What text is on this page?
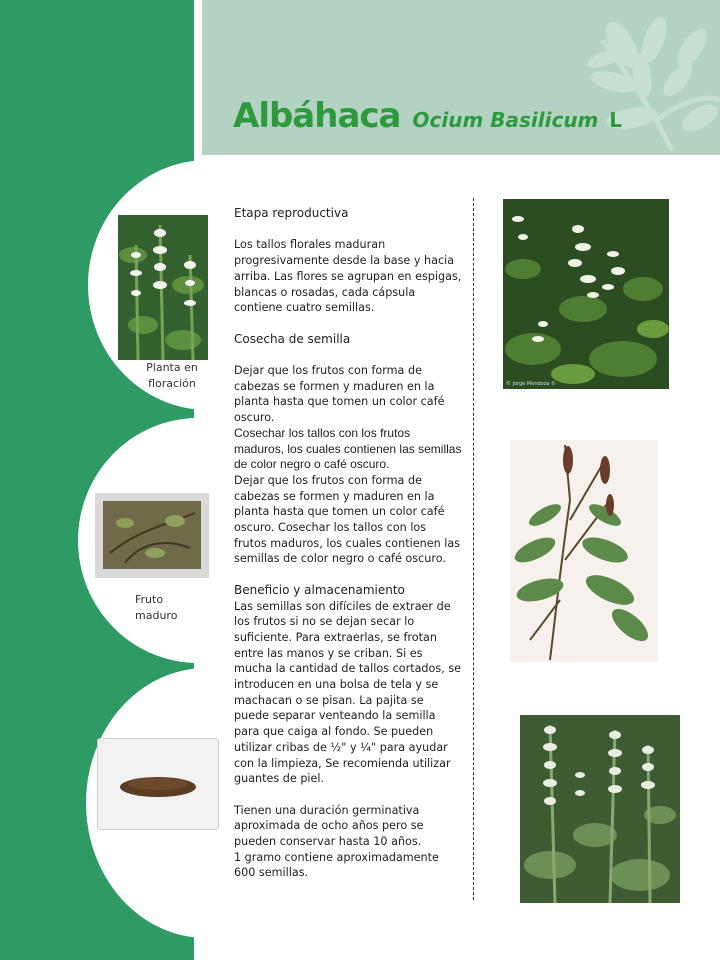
Albáhaca Ocium Basilicum L
Planta en floración
Fruto maduro
Etapa reproductiva

Los tallos florales maduran progresivamente desde la base y hacia arriba. Las flores se agrupan en espigas, blancas o rosadas, cada cápsula contiene cuatro semillas.

Cosecha de semilla

Dejar que los frutos con forma de cabezas se formen y maduren en la planta hasta que tomen un color café oscuro.

Cosechar los tallos con los frutos maduros, los cuales contienen las semillas de color negro o café oscuro.

Dejar que los frutos con forma de cabezas se formen y maduren en la planta hasta que tomen un color café oscuro. Cosechar los tallos con los frutos maduros, los cuales contienen las semillas de color negro o café oscuro.

Beneficio y almacenamiento

Las semillas son difíciles de extraer de los frutos si no se dejan secar lo suficiente. Para extraerlas, se frotan entre las manos y se criban. Si es mucha la cantidad de tallos cortados, se introducen en una bolsa de tela y se machacan o se pisan. La pajita se puede separar venteando la semilla para que caiga al fondo. Se pueden utilizar cribas de ½" y ¼" para ayudar con la limpieza, Se recomienda utilizar guantes de piel.

Tienen una duración germinativa aproximada de ocho años pero se pueden conservar hasta 10 años.

1 gramo contiene aproximadamente 600 semillas.

© Jorge Mendoza ©
